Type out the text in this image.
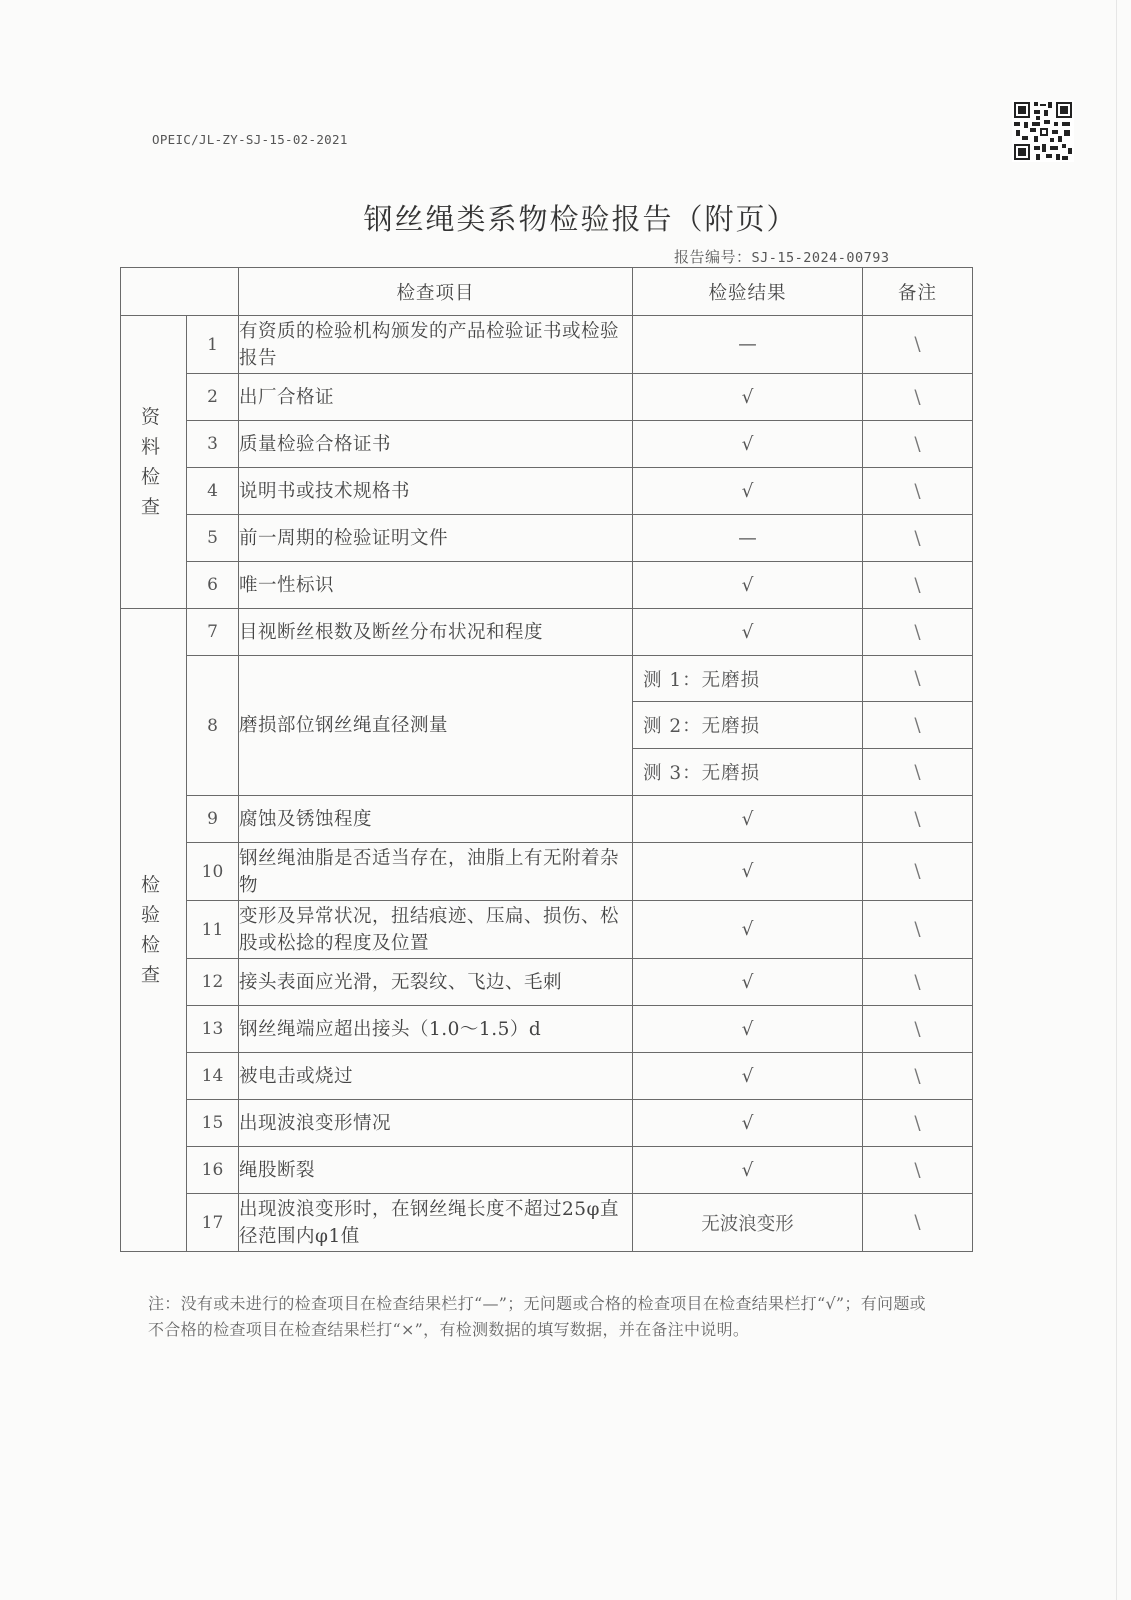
OPEIC/JL-ZY-SJ-15-02-2021
钢丝绳类系物检验报告（附页）
报告编号：SJ-15-2024-00793
		检查项目	检验结果	备注

资料检查	1	有资质的检验机构颁发的产品检验证书或检验报告	—	\
	2	出厂合格证	√	\
	3	质量检验合格证书	√	\
	4	说明书或技术规格书	√	\
	5	前一周期的检验证明文件	—	\
	6	唯一性标识	√	\

检验检查	7	目视断丝根数及断丝分布状况和程度	√	\
	8	磨损部位钢丝绳直径测量	测 1：无磨损	\
			测 2：无磨损	\
			测 3：无磨损	\
	9	腐蚀及锈蚀程度	√	\
	10	钢丝绳油脂是否适当存在，油脂上有无附着杂物	√	\
	11	变形及异常状况，扭结痕迹、压扁、损伤、松股或松捻的程度及位置	√	\
	12	接头表面应光滑，无裂纹、飞边、毛刺	√	\
	13	钢丝绳端应超出接头（1.0～1.5）d	√	\
	14	被电击或烧过	√	\
	15	出现波浪变形情况	√	\
	16	绳股断裂	√	\
	17	出现波浪变形时，在钢丝绳长度不超过25φ直径范围内φ1值	无波浪变形	\
注：没有或未进行的检查项目在检查结果栏打“—”；无问题或合格的检查项目在检查结果栏打“√”；有问题或不合格的检查项目在检查结果栏打“×”，有检测数据的填写数据，并在备注中说明。
